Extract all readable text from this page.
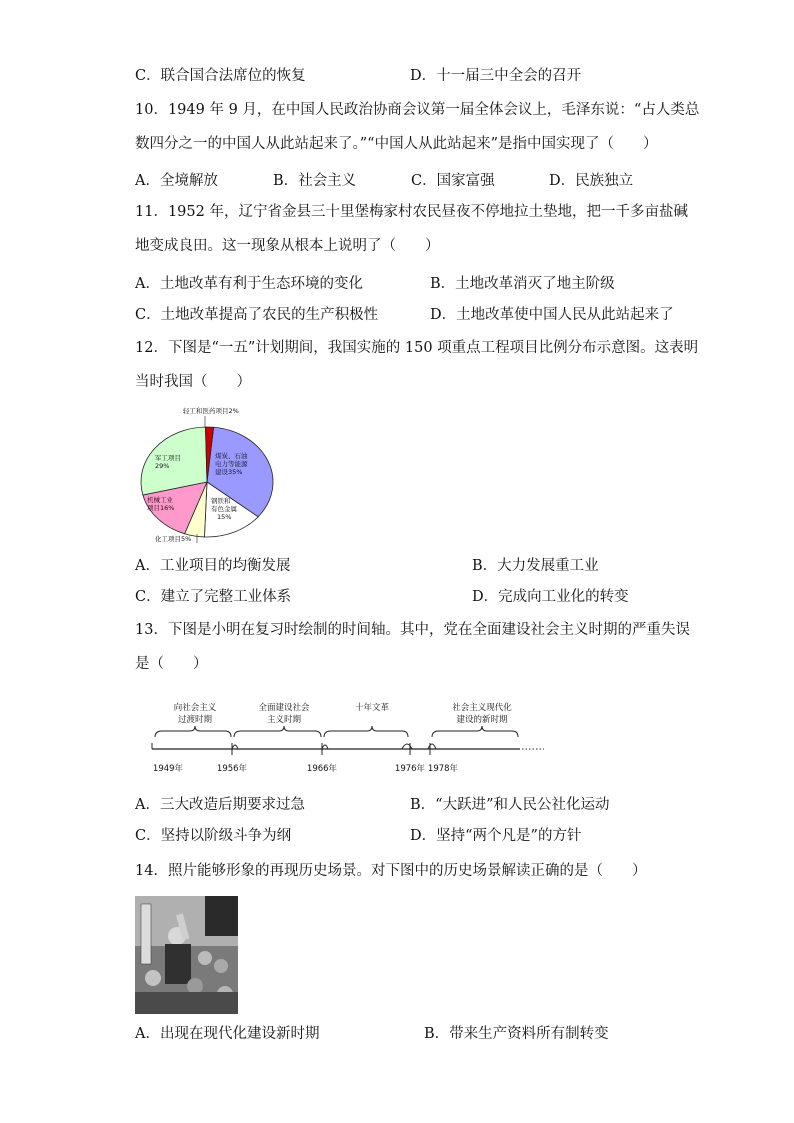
C．联合国合法席位的恢复	D．十一届三中全会的召开
10．1949 年 9 月，在中国人民政治协商会议第一届全体会议上，毛泽东说：“占人类总
数四分之一的中国人从此站起来了。”“中国人从此站起来”是指中国实现了（　　）
A．全境解放	B．社会主义	C．国家富强	D．民族独立
11．1952 年，辽宁省金县三十里堡梅家村农民昼夜不停地拉土垫地，把一千多亩盐碱
地变成良田。这一现象从根本上说明了（　　）
A．土地改革有利于生态环境的变化	B．土地改革消灭了地主阶级
C．土地改革提高了农民的生产积极性	D．土地改革使中国人民从此站起来了
12．下图是“一五”计划期间，我国实施的 150 项重点工程项目比例分布示意图。这表明
当时我国（　　）
煤炭、石油
电力等能源
建设35%
钢铁和
有色金属
15%
化工项目5%
机械工业
项目16%
军工项目
29%
轻工和医药项目2%
A．工业项目的均衡发展	B．大力发展重工业
C．建立了完整工业体系	D．完成向工业化的转变
13．下图是小明在复习时绘制的时间轴。其中，党在全面建设社会主义时期的严重失误
是（　　）
向社会主义
过渡时期
全面建设社会
主义时期
十年文革	社会主义现代化
建设的新时期
1949年	1956年	1966年	1976年 1978年
A．三大改造后期要求过急	B．“大跃进”和人民公社化运动
C．坚持以阶级斗争为纲	D．坚持“两个凡是”的方针
14．照片能够形象的再现历史场景。对下图中的历史场景解读正确的是（　　）
A．出现在现代化建设新时期	B．带来生产资料所有制转变
